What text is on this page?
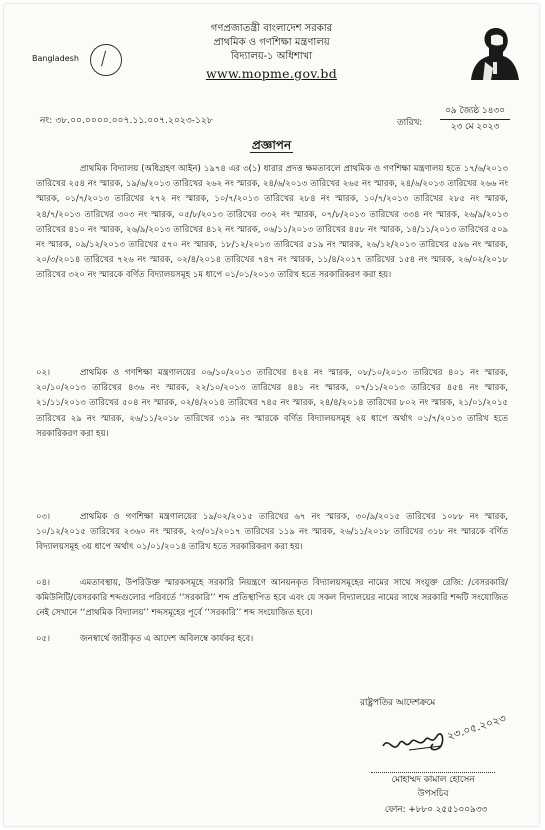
Bangladesh
গণপ্রজাতন্ত্রী বাংলাদেশ সরকার
প্রাথমিক ও গণশিক্ষা মন্ত্রণালয়
বিদ্যালয়-১ অধিশাখা
www.mopme.gov.bd
নং: ৩৮.০০.০০০০.০০৭.১১.০০৭.২০২৩-১২৮	তারিখ:
০৯ জ্যৈষ্ঠ ১৪৩০
২৩ মে ২০২৩
প্রজ্ঞাপন
প্রাথমিক বিদ্যালয় (অধিগ্রহণ আইন) ১৯৭৪ এর ৩(১) ধারার প্রদত্ত ক্ষমতাবলে প্রাথমিক ও গণশিক্ষা মন্ত্রণালয় হতে ১৭/৬/২০১৩ তারিখের ২৫৪ নং স্মারক, ১৯/৬/২০১৩ তারিখের ২৬২ নং স্মারক, ২৪/৬/২০১৩ তারিখের ২৬৫ নং স্মারক, ২৪/৬/২০১৩ তারিখের ২৬৬ নং স্মারক, ০১/৭/২০১৩ তারিখের ২৭২ নং স্মারক, ১০/৭/২০১৩ তারিখের ২৮৪ নং স্মারক, ১০/৭/২০১৩ তারিখের ২৮৫ নং স্মারক, ২৪/৭/২০১৩ তারিখের ৩০৩ নং স্মারক, ০৫/৮/২০১৩ তারিখের ৩৩২ নং স্মারক, ০৭/৮/২০১৩ তারিখের ৩৩৪ নং স্মারক, ২৬/৯/২০১৩ তারিখের ৪১০ নং স্মারক, ২৬/৯/২০১৩ তারিখের ৪১২ নং স্মারক, ০৬/১১/২০১৩ তারিখের ৪৫৮ নং স্মারক, ১৪/১১/২০১৩ তারিখের ৫০৯ নং স্মারক, ০৯/১২/২০১৩ তারিখের ৫৭০ নং স্মারক, ১৮/১২/২০১৩ তারিখের ৫১৯ নং স্মারক, ২৬/১২/২০১৩ তারিখের ৫৯৬ নং স্মারক, ২০/৩/২০১৪ তারিখের ৭২৬ নং স্মারক, ০২/৪/২০১৪ তারিখের ৭৪৭ নং স্মারক, ১১/৪/২০১৭ তারিখের ১৫৪ নং স্মারক, ২৬/০২/২০১৮ তারিখের ৩২০ নং স্মারকে বর্ণিত বিদ্যালয়সমূহ ১ম ধাপে ০১/০১/২০১৩ তারিখ হতে সরকারিকরণ করা হয়।
০২।	প্রাথমিক ও গণশিক্ষা মন্ত্রণালয়ের ০৬/১০/২০১৩ তারিখের ৪২৪ নং স্মারক, ০৮/১০/২০১৩ তারিখের ৪০১ নং স্মারক, ২০/১০/২০১৩ তারিখের ৪৩৬ নং স্মারক, ২২/১০/২০১৩ তারিখের ৪৪১ নং স্মারক, ০৭/১১/২০১৩ তারিখের ৪৫৪ নং স্মারক, ২১/১১/২০১৩ তারিখের ৫০৪ নং স্মারক, ০২/৪/২০১৪ তারিখের ৭৪৫ নং স্মারক, ২৪/৪/২০১৪ তারিখের ৮০২ নং স্মারক, ২১/০১/২০১৫ তারিখের ২৯ নং স্মারক, ২৬/১১/২০১৮ তারিখের ৩১৯ নং স্মারকে বর্ণিত বিদ্যালয়সমূহ ২য় ধাপে অর্থাৎ ০১/৭/২০১৩ তারিখ হতে সরকারিকরণ করা হয়।
০৩।	প্রাথমিক ও গণশিক্ষা মন্ত্রণালয়ের ১৯/০২/২০১৫ তারিখের ৬৭ নং স্মারক, ৩০/৯/২০১৫ তারিখের ১০৮৮ নং স্মারক, ১০/১২/২০১৫ তারিখের ২৩৬০ নং স্মারক, ২৩/০১/২০১৭ তারিখের ১১৯ নং স্মারক, ২৬/১১/২০১৮ তারিখের ৩১৮ নং স্মারকে বর্ণিত বিদ্যালয়সমূহ ৩য় ধাপে অর্থাৎ ০১/০১/২০১৪ তারিখ হতে সরকারিকরণ করা হয়।
০৪।	এমতাবস্থায়, উপরিউক্ত স্মারকসমূহে সরকারি নিয়ন্ত্রণে আনয়নকৃত বিদ্যালয়সমূহের নামের সাথে সংযুক্ত রেজি: /বেসরকারি/কমিউনিটি/বেসরকারি শব্দগুলোর পরিবর্তে ‘‘সরকারি’’ শব্দ প্রতিস্থাপিত হবে এবং যে সকল বিদ্যালয়ের নামের সাথে সরকারি শব্দটি সংযোজিত নেই সেখানে ‘‘প্রাথমিক বিদ্যালয়’’ শব্দসমূহের পূর্বে ‘‘সরকারি’’ শব্দ সংযোজিত হবে।
০৫।	জনস্বার্থে জারীকৃত এ আদেশ অবিলম্বে কার্যকর হবে।
রাষ্ট্রপতির আদেশক্রমে
২৩.০৫.২০২৩
মোহাম্মদ কামাল হোসেন
উপসচিব
ফোন: +৮৮০ ২৫৫১০০৯৩৩
